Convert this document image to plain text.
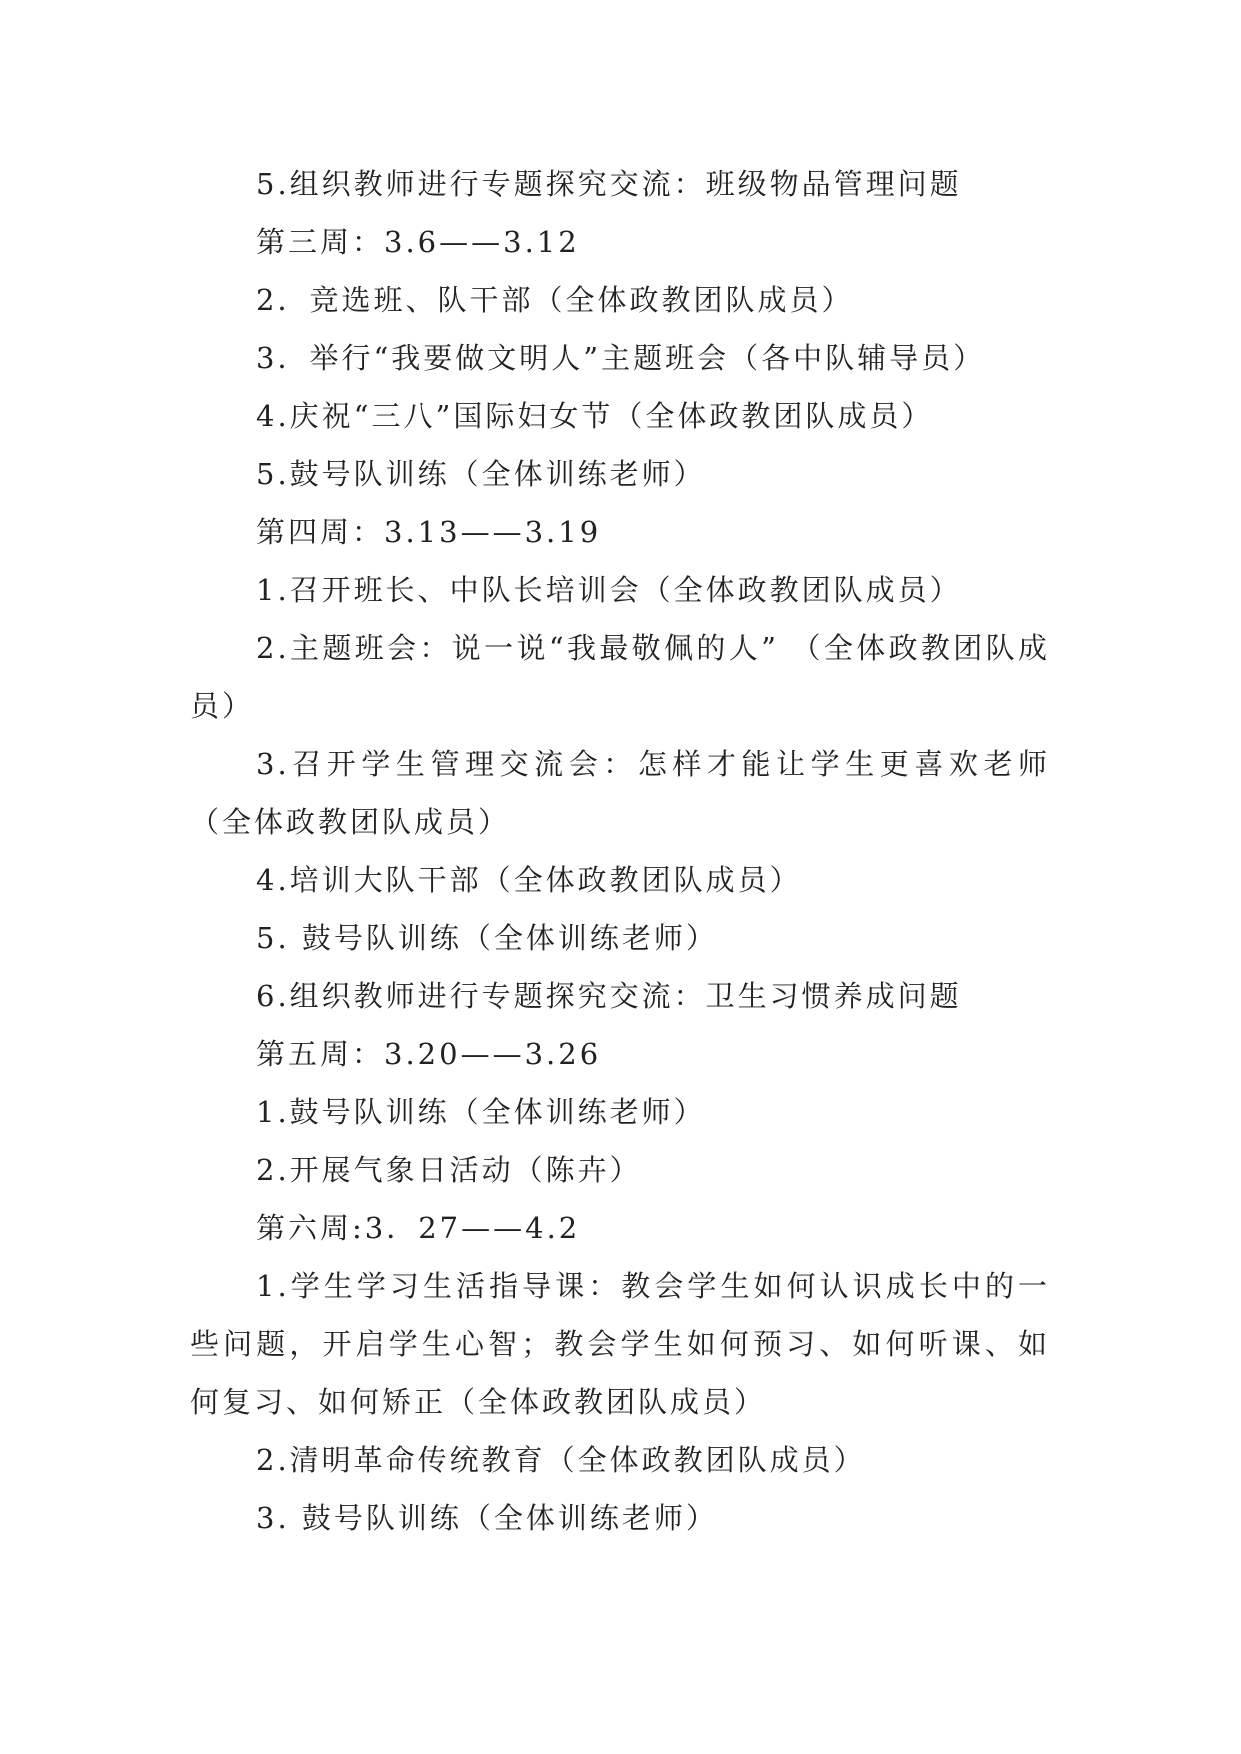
5.组织教师进行专题探究交流：班级物品管理问题

第三周：3.6——3.12

2．竞选班、队干部（全体政教团队成员）

3．举行“我要做文明人”主题班会（各中队辅导员）

4.庆祝“三八”国际妇女节（全体政教团队成员）

5.鼓号队训练（全体训练老师）

第四周：3.13——3.19

1.召开班长、中队长培训会（全体政教团队成员）

2.主题班会：说一说“我最敬佩的人” （全体政教团队成员）

3.召开学生管理交流会：怎样才能让学生更喜欢老师（全体政教团队成员）

4.培训大队干部（全体政教团队成员）

5. 鼓号队训练（全体训练老师）

6.组织教师进行专题探究交流：卫生习惯养成问题

第五周：3.20——3.26

1.鼓号队训练（全体训练老师）

2.开展气象日活动（陈卉）

第六周:3．27——4.2

1.学生学习生活指导课：教会学生如何认识成长中的一些问题，开启学生心智；教会学生如何预习、如何听课、如何复习、如何矫正（全体政教团队成员）

2.清明革命传统教育（全体政教团队成员）

3. 鼓号队训练（全体训练老师）
